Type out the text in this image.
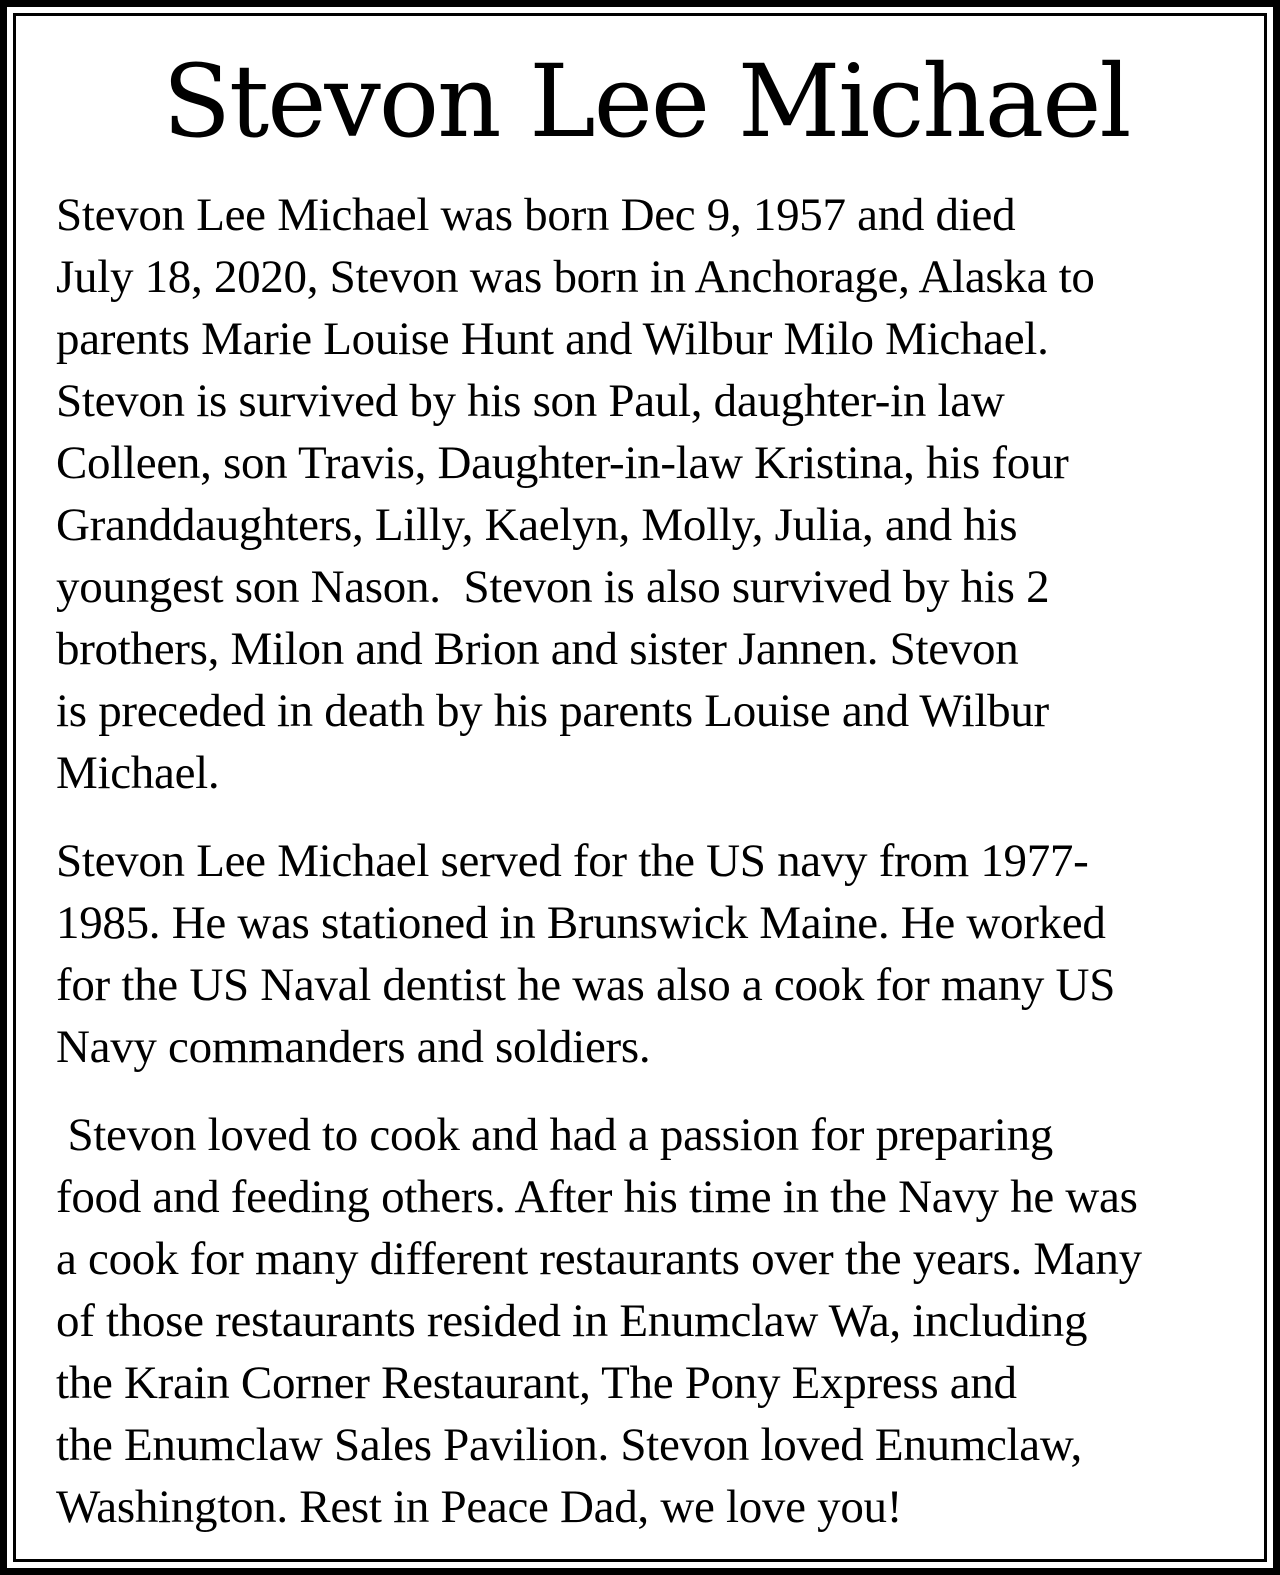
Stevon Lee Michael
Stevon Lee Michael was born Dec 9, 1957 and died
July 18, 2020, Stevon was born in Anchorage, Alaska to
parents Marie Louise Hunt and Wilbur Milo Michael.
Stevon is survived by his son Paul, daughter-in law
Colleen, son Travis, Daughter-in-law Kristina, his four
Granddaughters, Lilly, Kaelyn, Molly, Julia, and his
youngest son Nason.  Stevon is also survived by his 2
brothers, Milon and Brion and sister Jannen. Stevon
is preceded in death by his parents Louise and Wilbur
Michael.
Stevon Lee Michael served for the US navy from 1977-
1985. He was stationed in Brunswick Maine. He worked
for the US Naval dentist he was also a cook for many US
Navy commanders and soldiers.
Stevon loved to cook and had a passion for preparing
food and feeding others. After his time in the Navy he was
a cook for many different restaurants over the years. Many
of those restaurants resided in Enumclaw Wa, including
the Krain Corner Restaurant, The Pony Express and
the Enumclaw Sales Pavilion. Stevon loved Enumclaw,
Washington. Rest in Peace Dad, we love you!
